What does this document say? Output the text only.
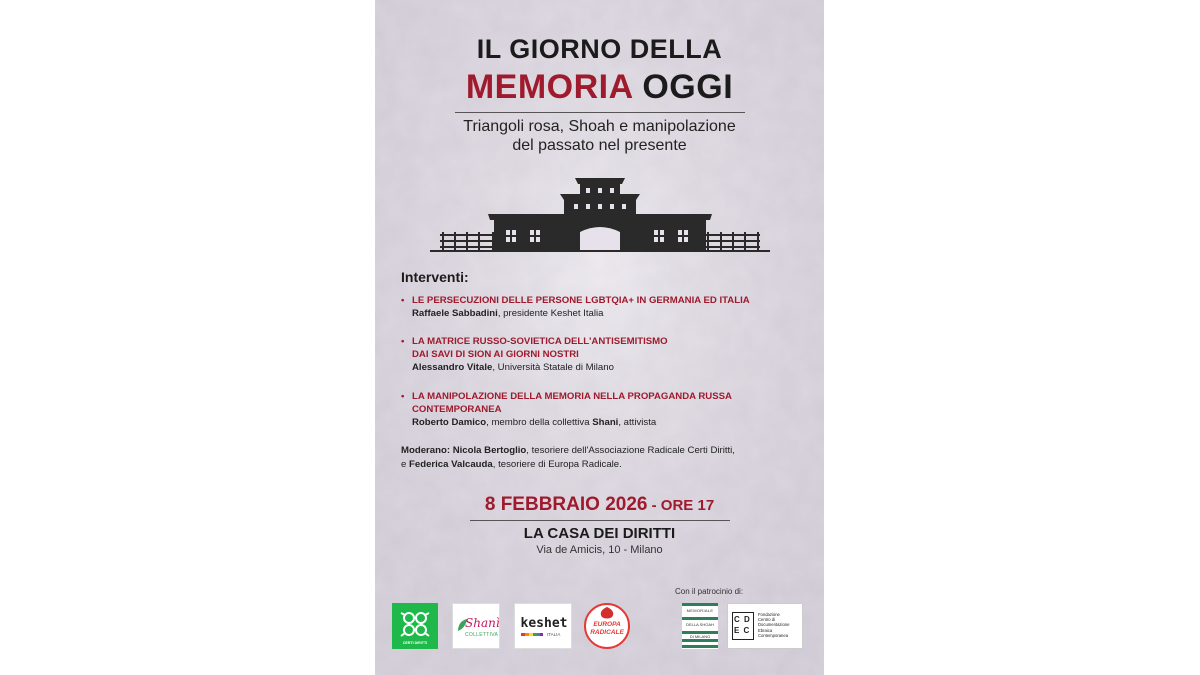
IL GIORNO DELLA
MEMORIA OGGI
Triangoli rosa, Shoah e manipolazione
del passato nel presente
Interventi:
• LE PERSECUZIONI DELLE PERSONE LGBTQIA+ IN GERMANIA ED ITALIA
Raffaele Sabbadini, presidente Keshet Italia
• LA MATRICE RUSSO-SOVIETICA DELL'ANTISEMITISMO
DAI SAVI DI SION AI GIORNI NOSTRI
Alessandro Vitale, Università Statale di Milano
• LA MANIPOLAZIONE DELLA MEMORIA NELLA PROPAGANDA RUSSA
CONTEMPORANEA
Roberto Damico, membro della collettiva Shani, attivista
Moderano: Nicola Bertoglio, tesoriere dell'Associazione Radicale Certi Diritti,
e Federica Valcauda, tesoriere di Europa Radicale.
8 FEBBRAIO 2026 - ORE 17
LA CASA DEI DIRITTI
Via de Amicis, 10 - Milano
Con il patrocinio di:
CERTI DIRITTI
Shanì
COLLETTIVA
keshet
ITALIA
EUROPA
RADICALE
MEMORIALE
DELLA SHOAH
DI MILANO
C D
E C
Fondazione
Centro di
Documentazione
Ebraica
Contemporanea
